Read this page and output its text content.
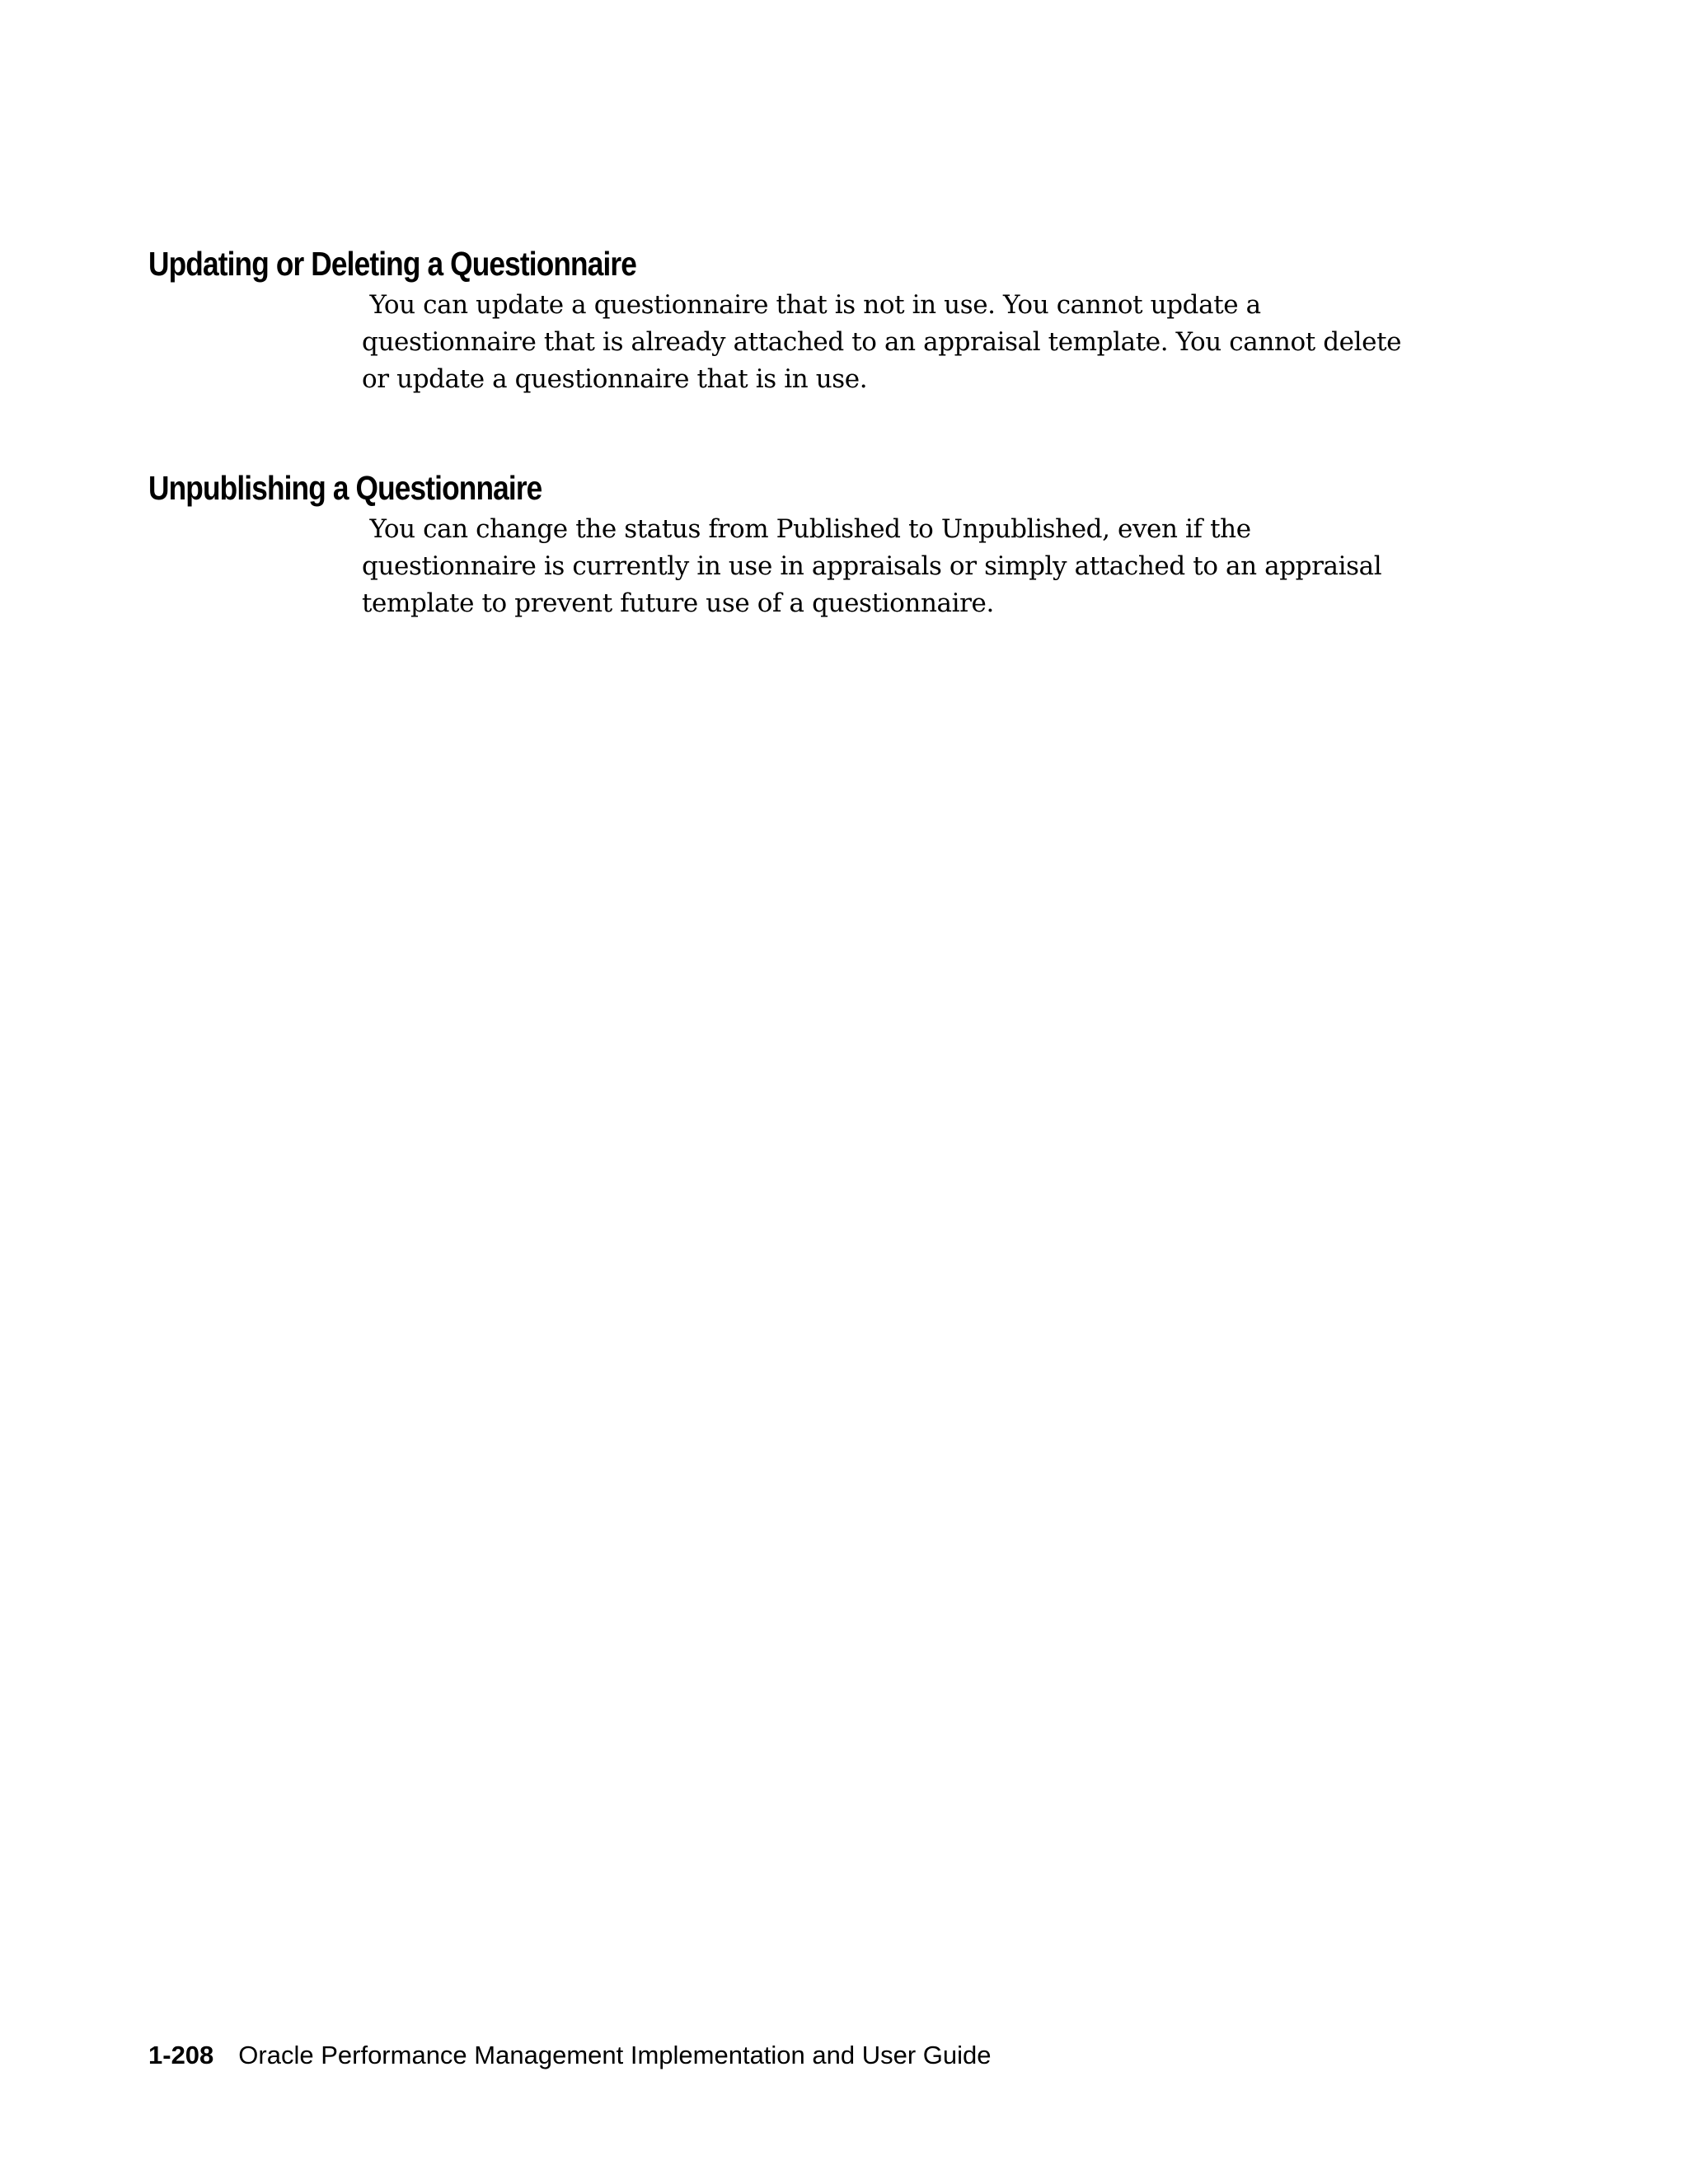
Updating or Deleting a Questionnaire

You can update a questionnaire that is not in use. You cannot update a questionnaire that is already attached to an appraisal template. You cannot delete or update a questionnaire that is in use.

Unpublishing a Questionnaire

You can change the status from Published to Unpublished, even if the questionnaire is currently in use in appraisals or simply attached to an appraisal template to prevent future use of a questionnaire.

1-208 Oracle Performance Management Implementation and User Guide
